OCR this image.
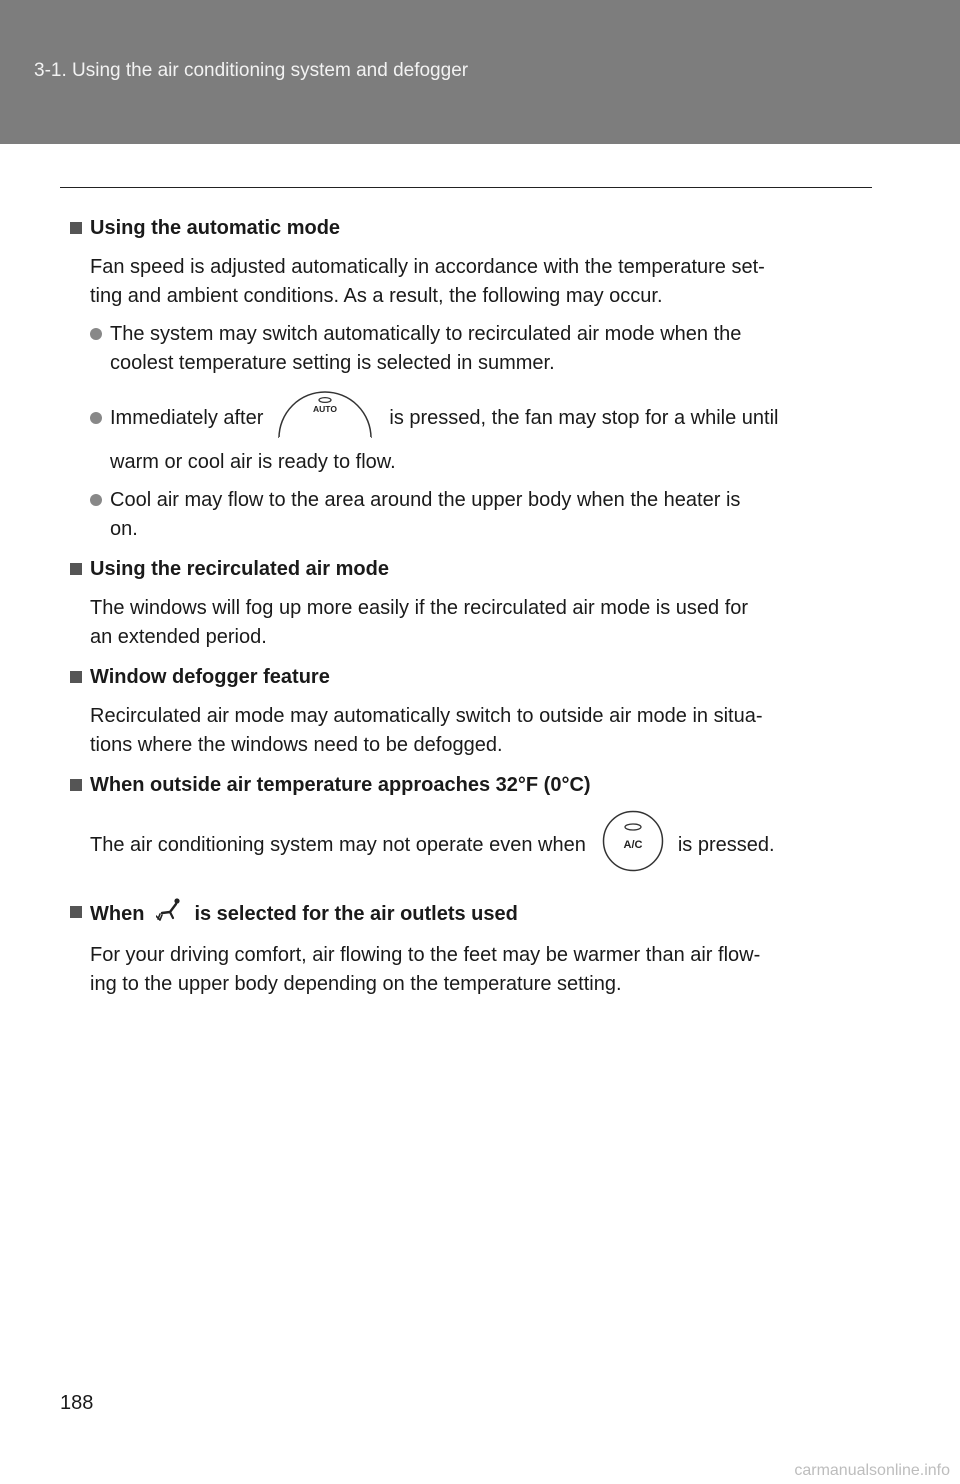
3-1. Using the air conditioning system and defogger
Using the automatic mode
Fan speed is adjusted automatically in accordance with the temperature set-
ting and ambient conditions. As a result, the following may occur.
The system may switch automatically to recirculated air mode when the
coolest temperature setting is selected in summer.
Immediately after	AUTO	is pressed, the fan may stop for a while until
warm or cool air is ready to flow.
Cool air may flow to the area around the upper body when the heater is
on.
Using the recirculated air mode
The windows will fog up more easily if the recirculated air mode is used for
an extended period.
Window defogger feature
Recirculated air mode may automatically switch to outside air mode in situa-
tions where the windows need to be defogged.
When outside air temperature approaches 32°F (0°C)
The air conditioning system may not operate even when	A/C is pressed.
When	is selected for the air outlets used
For your driving comfort, air flowing to the feet may be warmer than air flow-
ing to the upper body depending on the temperature setting.
188
carmanualsonline.info
